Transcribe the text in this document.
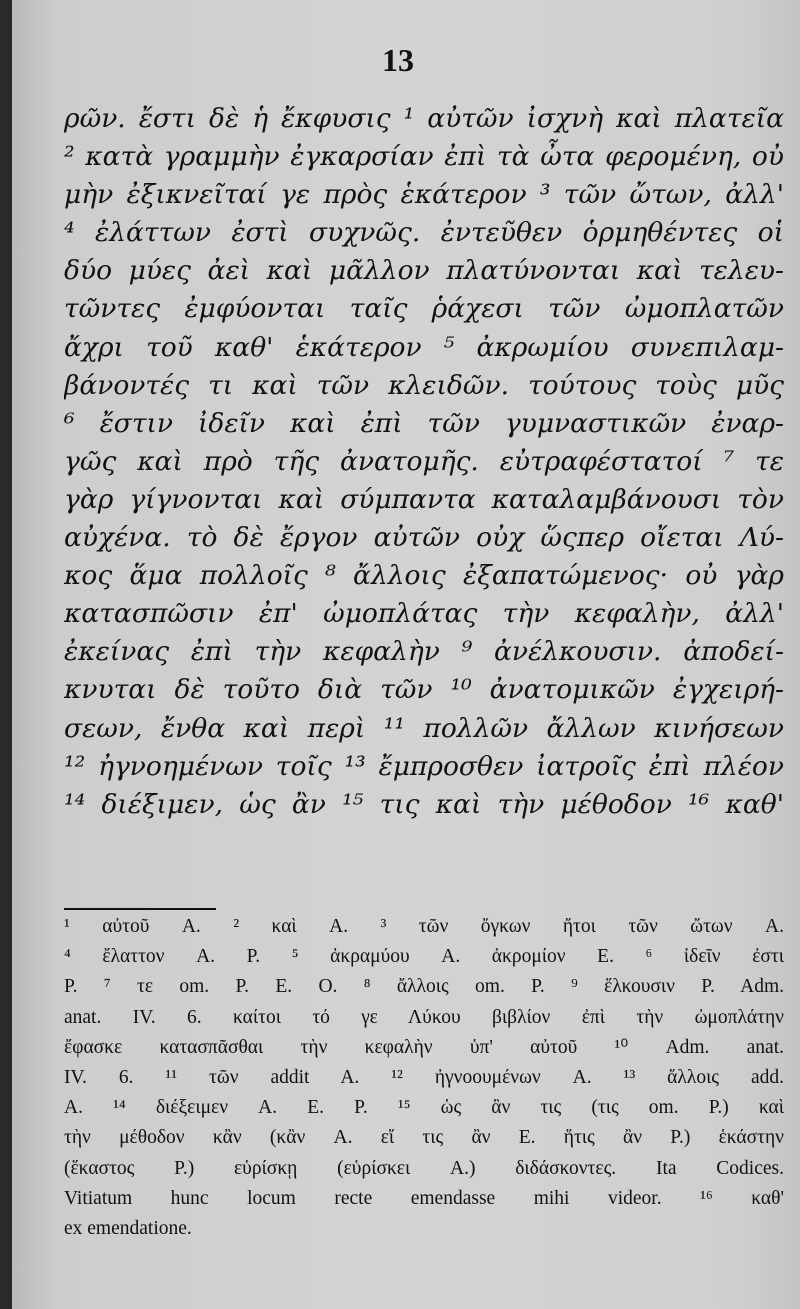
13
ρῶν. ἔστι δὲ ἡ ἔκφυσις ¹ αὐτῶν ἰσχνὴ καὶ πλατεῖα
² κατὰ γραμμὴν ἐγκαρσίαν ἐπὶ τὰ ὦτα φερομένη, οὐ
μὴν ἐξικνεῖταί γε πρὸς ἑκάτερον ³ τῶν ὤτων, ἀλλ'
⁴ ἐλάττων ἐστὶ συχνῶς. ἐντεῦθεν ὁρμηθέντες οἱ
δύο μύες ἀεὶ καὶ μᾶλλον πλατύνονται καὶ τελευ-
τῶντες ἐμφύονται ταῖς ῥάχεσι τῶν ὠμοπλατῶν
ἄχρι τοῦ καθ' ἑκάτερον ⁵ ἀκρωμίου συνεπιλαμ-
βάνοντές τι καὶ τῶν κλειδῶν. τούτους τοὺς μῦς
⁶ ἔστιν ἰδεῖν καὶ ἐπὶ τῶν γυμναστικῶν ἐναρ-
γῶς καὶ πρὸ τῆς ἀνατομῆς. εὐτραφέστατοί ⁷ τε
γὰρ γίγνονται καὶ σύμπαντα καταλαμβάνουσι τὸν
αὐχένα. τὸ δὲ ἔργον αὐτῶν οὐχ ὥςπερ οἴεται Λύ-
κος ἅμα πολλοῖς ⁸ ἄλλοις ἐξαπατώμενος· οὐ γὰρ
κατασπῶσιν ἐπ' ὠμοπλάτας τὴν κεφαλὴν, ἀλλ'
ἐκείνας ἐπὶ τὴν κεφαλὴν ⁹ ἀνέλκουσιν. ἀποδεί-
κνυται δὲ τοῦτο διὰ τῶν ¹⁰ ἀνατομικῶν ἐγχειρή-
σεων, ἔνθα καὶ περὶ ¹¹ πολλῶν ἄλλων κινήσεων
¹² ἠγνοημένων τοῖς ¹³ ἔμπροσθεν ἰατροῖς ἐπὶ πλέον
¹⁴ διέξιμεν, ὡς ἂν ¹⁵ τις καὶ τὴν μέθοδον ¹⁶ καθ'
¹ αὐτοῦ A. ² καὶ A. ³ τῶν ὄγκων ἤτοι τῶν ὤτων A.
⁴ ἔλαττον A. P. ⁵ ἀκραμύου A. ἀκρομίον E. ⁶ ἰδεῖν ἐστι
P. ⁷ τε om. P. E. O. ⁸ ἄλλοις om. P. ⁹ ἕλκουσιν P. Adm.
anat. IV. 6. καίτοι τό γε Λύκου βιβλίον ἐπὶ τὴν ὠμοπλάτην
ἔφασκε κατασπᾶσθαι τὴν κεφαλὴν ὑπ' αὐτοῦ ¹⁰ Adm. anat.
IV. 6. ¹¹ τῶν addit A. ¹² ἠγνοουμένων A. ¹³ ἄλλοις add.
A. ¹⁴ διέξειμεν A. E. P. ¹⁵ ὡς ἂν τις (τις om. P.) καὶ
τὴν μέθοδον κἂν (κἂν A. εἴ τις ἂν E. ἥτις ἂν P.) ἑκάστην
(ἕκαστος P.) εὑρίσκῃ (εὑρίσκει A.) διδάσκοντες. Ita Codices.
Vitiatum hunc locum recte emendasse mihi videor. ¹⁶ καθ'
ex emendatione.
